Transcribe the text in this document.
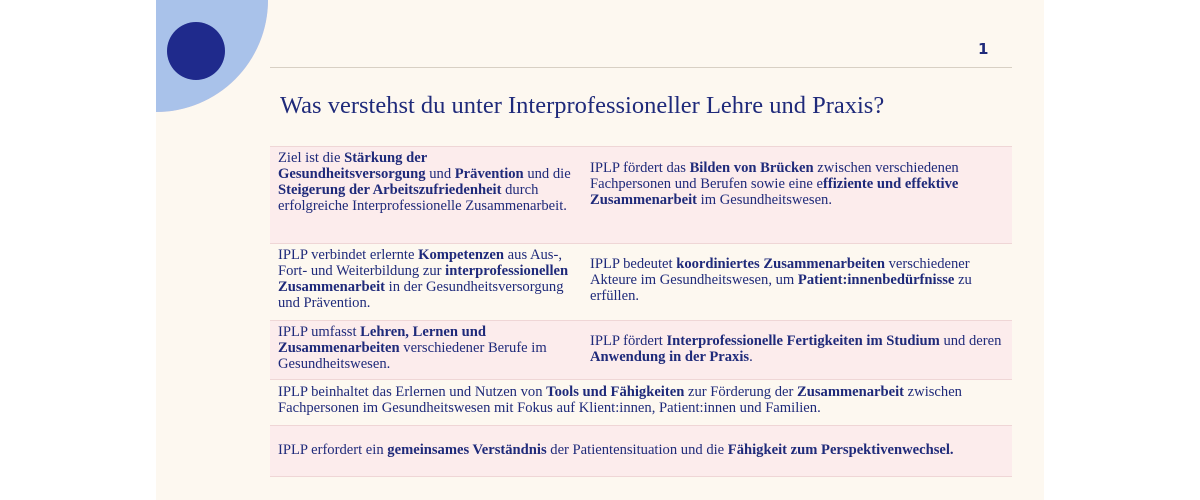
1
Was verstehst du unter Interprofessioneller Lehre und Praxis?
Ziel ist die Stärkung der Gesundheitsversorgung und Prävention und die Steigerung der Arbeitszufriedenheit durch erfolgreiche Interprofessionelle Zusammenarbeit.
IPLP fördert das Bilden von Brücken zwischen verschiedenen Fachpersonen und Berufen sowie eine effiziente und effektive Zusammenarbeit im Gesundheitswesen.
IPLP verbindet erlernte Kompetenzen aus Aus-, Fort- und Weiterbildung zur interprofessionellen Zusammenarbeit in der Gesundheitsversorgung und Prävention.
IPLP bedeutet koordiniertes Zusammenarbeiten verschiedener Akteure im Gesundheitswesen, um Patient:innenbedürfnisse zu erfüllen.
IPLP umfasst Lehren, Lernen und Zusammenarbeiten verschiedener Berufe im Gesundheitswesen.
IPLP fördert Interprofessionelle Fertigkeiten im Studium und deren Anwendung in der Praxis.
IPLP beinhaltet das Erlernen und Nutzen von Tools und Fähigkeiten zur Förderung der Zusammenarbeit zwischen Fachpersonen im Gesundheitswesen mit Fokus auf Klient:innen, Patient:innen und Familien.
IPLP erfordert ein gemeinsames Verständnis der Patientensituation und die Fähigkeit zum Perspektivenwechsel.
